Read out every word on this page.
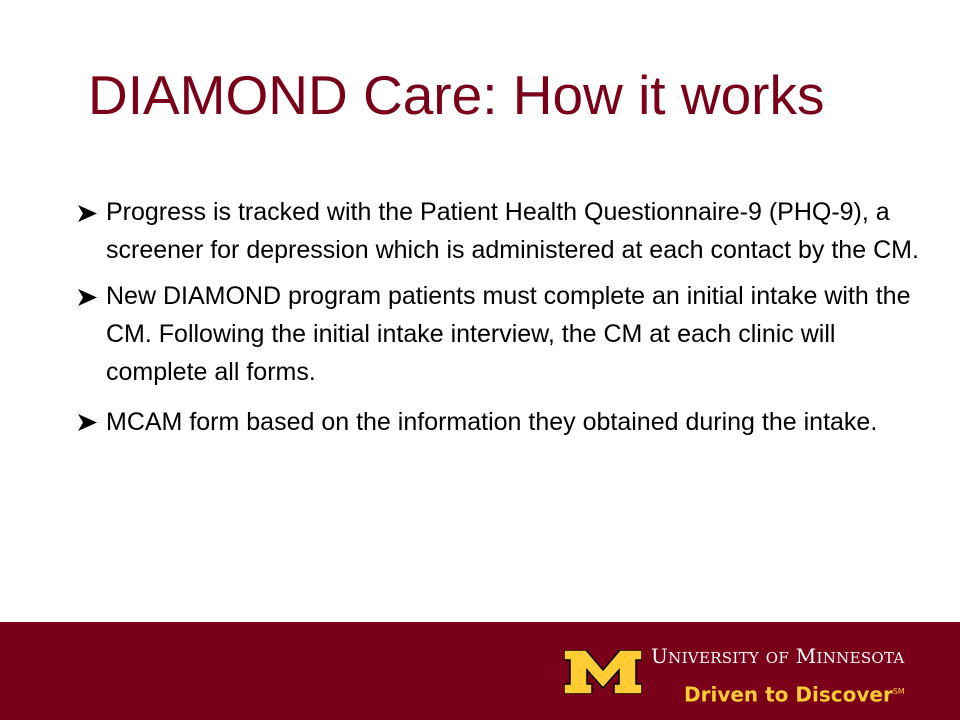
DIAMOND Care: How it works
Progress is tracked with the Patient Health Questionnaire-9 (PHQ-9), a screener for depression which is administered at each contact by the CM.
New DIAMOND program patients must complete an initial intake with the CM. Following the initial intake interview, the CM at each clinic will complete all forms.
MCAM form based on the information they obtained during the intake.
UNIVERSITY OF MINNESOTA
Driven to Discover℠
